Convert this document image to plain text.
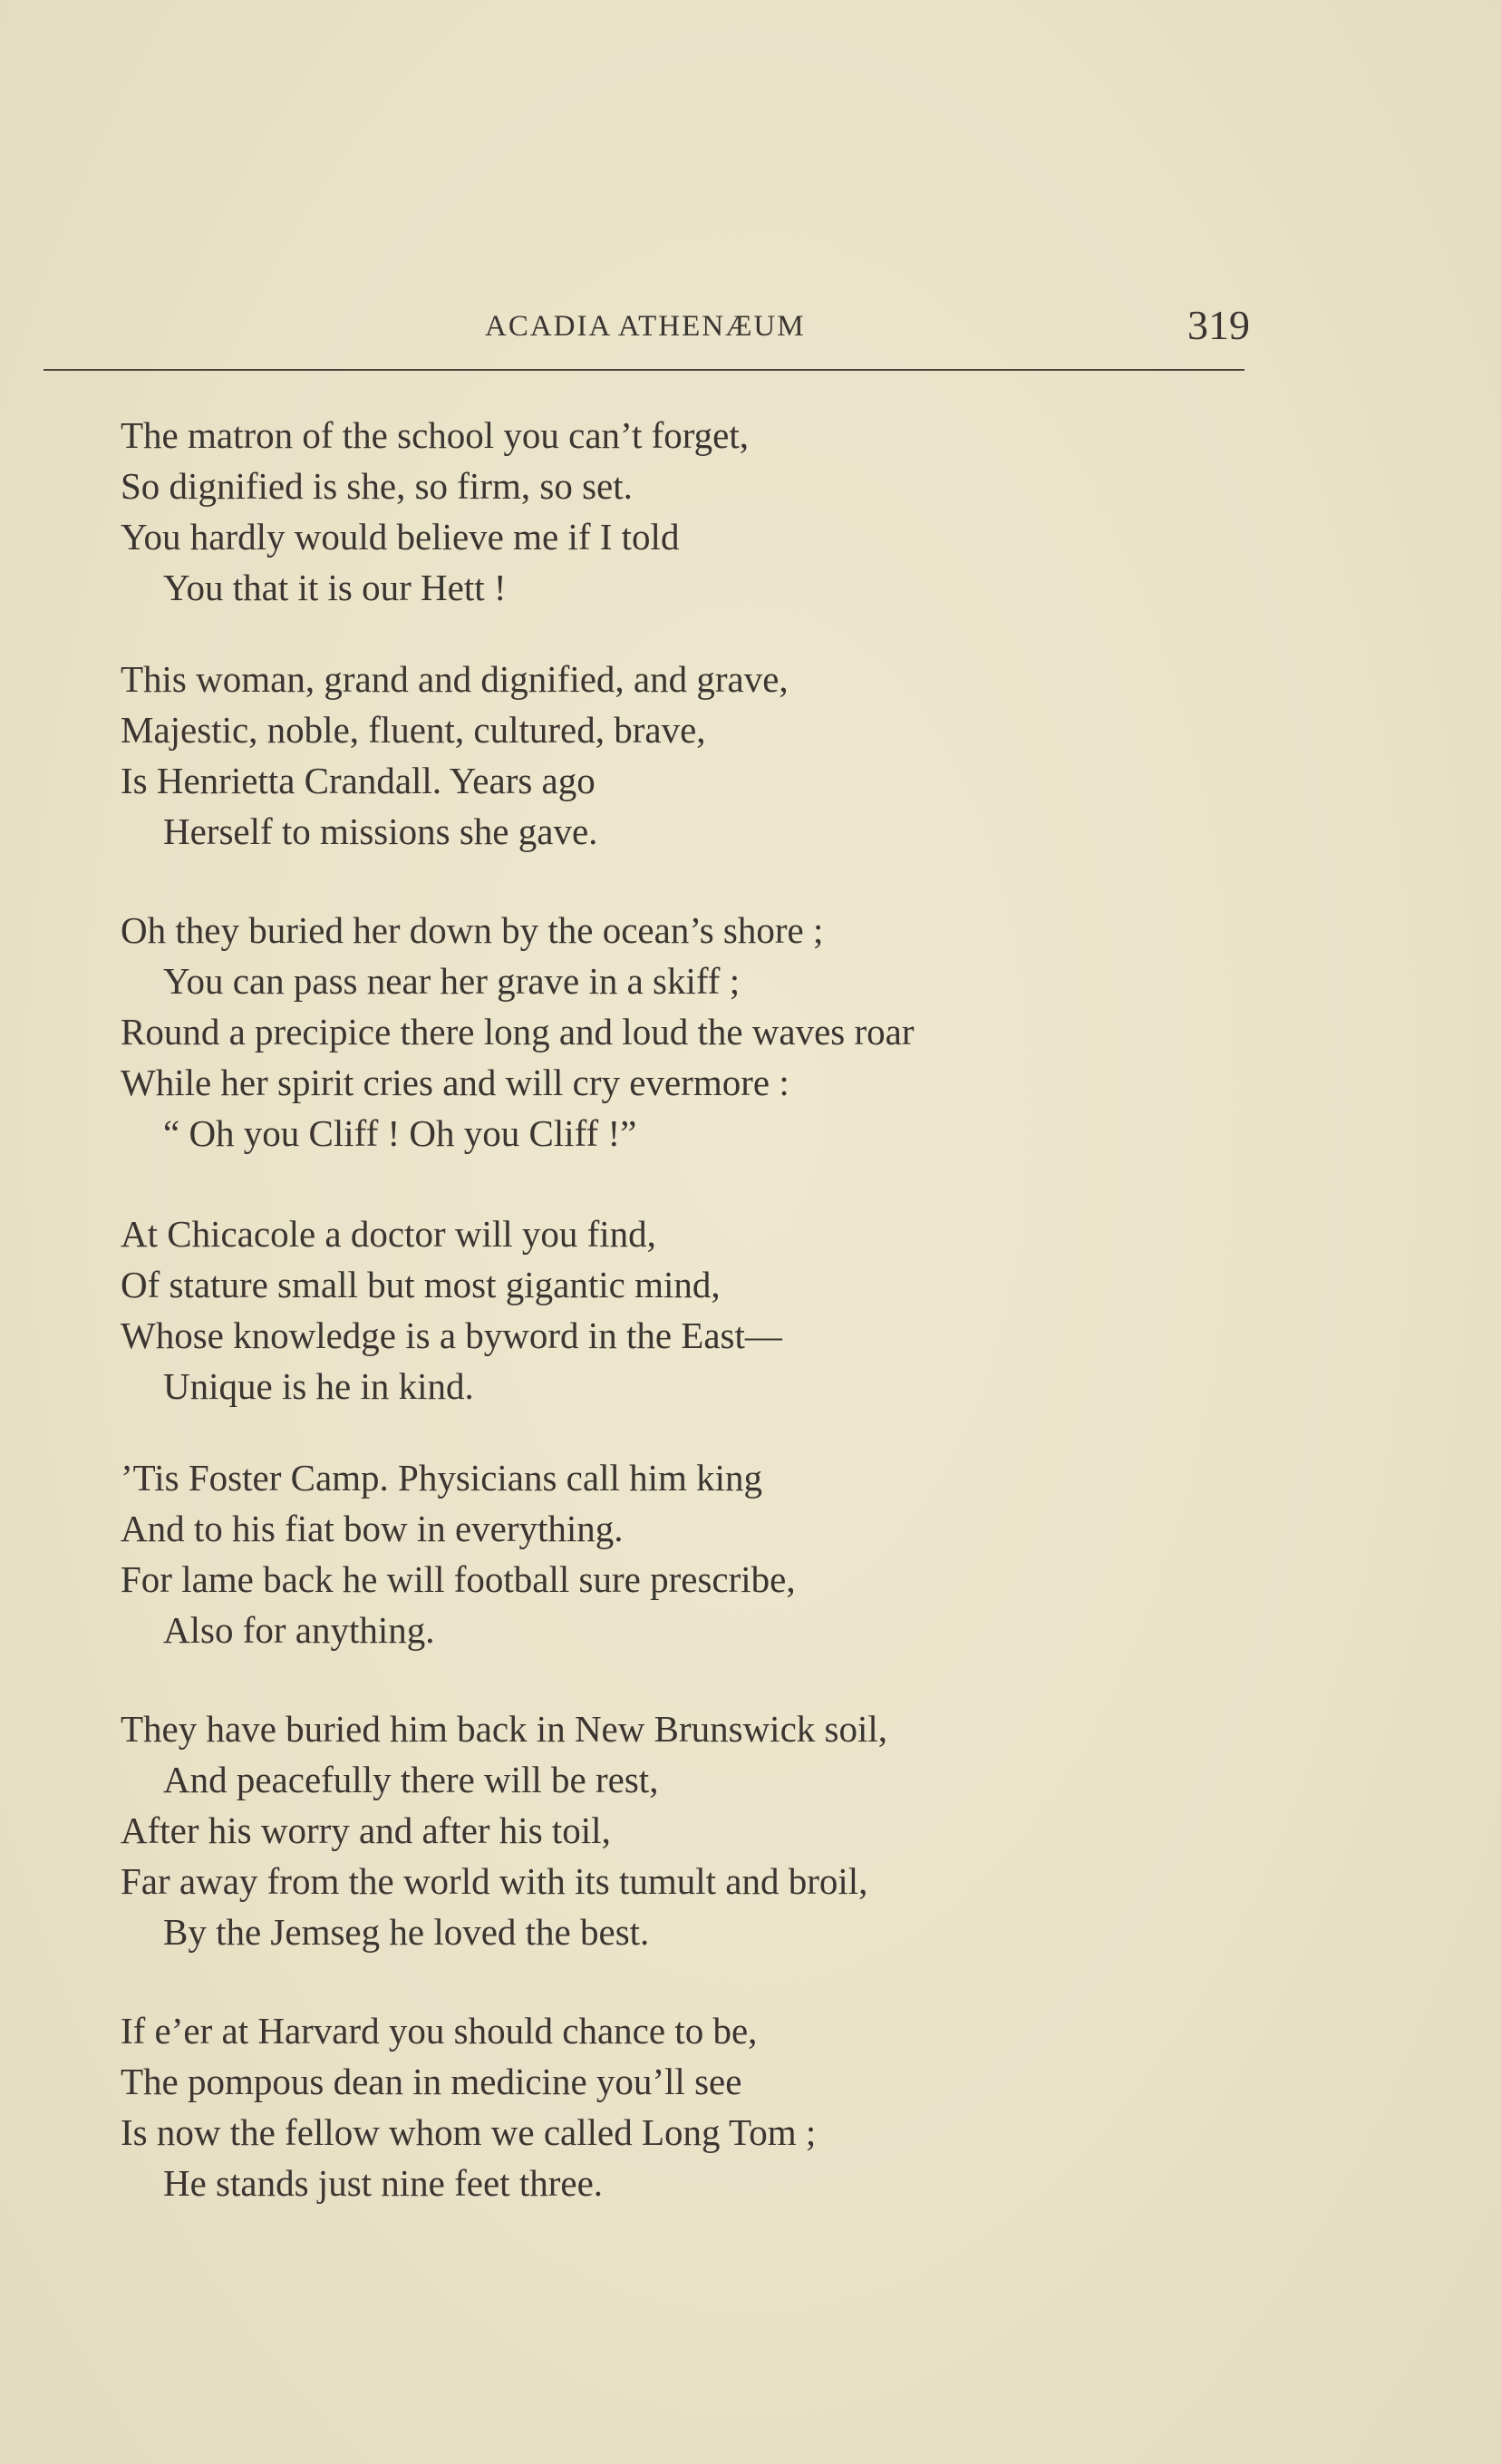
ACADIA ATHENÆUM	319
The matron of the school you can’t forget,
So dignified is she, so firm, so set.
You hardly would believe me if I told
You that it is our Hett !
This woman, grand and dignified, and grave,
Majestic, noble, fluent, cultured, brave,
Is Henrietta Crandall. Years ago
Herself to missions she gave.
Oh they buried her down by the ocean’s shore ;
You can pass near her grave in a skiff ;
Round a precipice there long and loud the waves roar
While her spirit cries and will cry evermore :
“ Oh you Cliff ! Oh you Cliff !”
At Chicacole a doctor will you find,
Of stature small but most gigantic mind,
Whose knowledge is a byword in the East—
Unique is he in kind.
’Tis Foster Camp. Physicians call him king
And to his fiat bow in everything.
For lame back he will football sure prescribe,
Also for anything.
They have buried him back in New Brunswick soil,
And peacefully there will be rest,
After his worry and after his toil,
Far away from the world with its tumult and broil,
By the Jemseg he loved the best.
If e’er at Harvard you should chance to be,
The pompous dean in medicine you’ll see
Is now the fellow whom we called Long Tom ;
He stands just nine feet three.
